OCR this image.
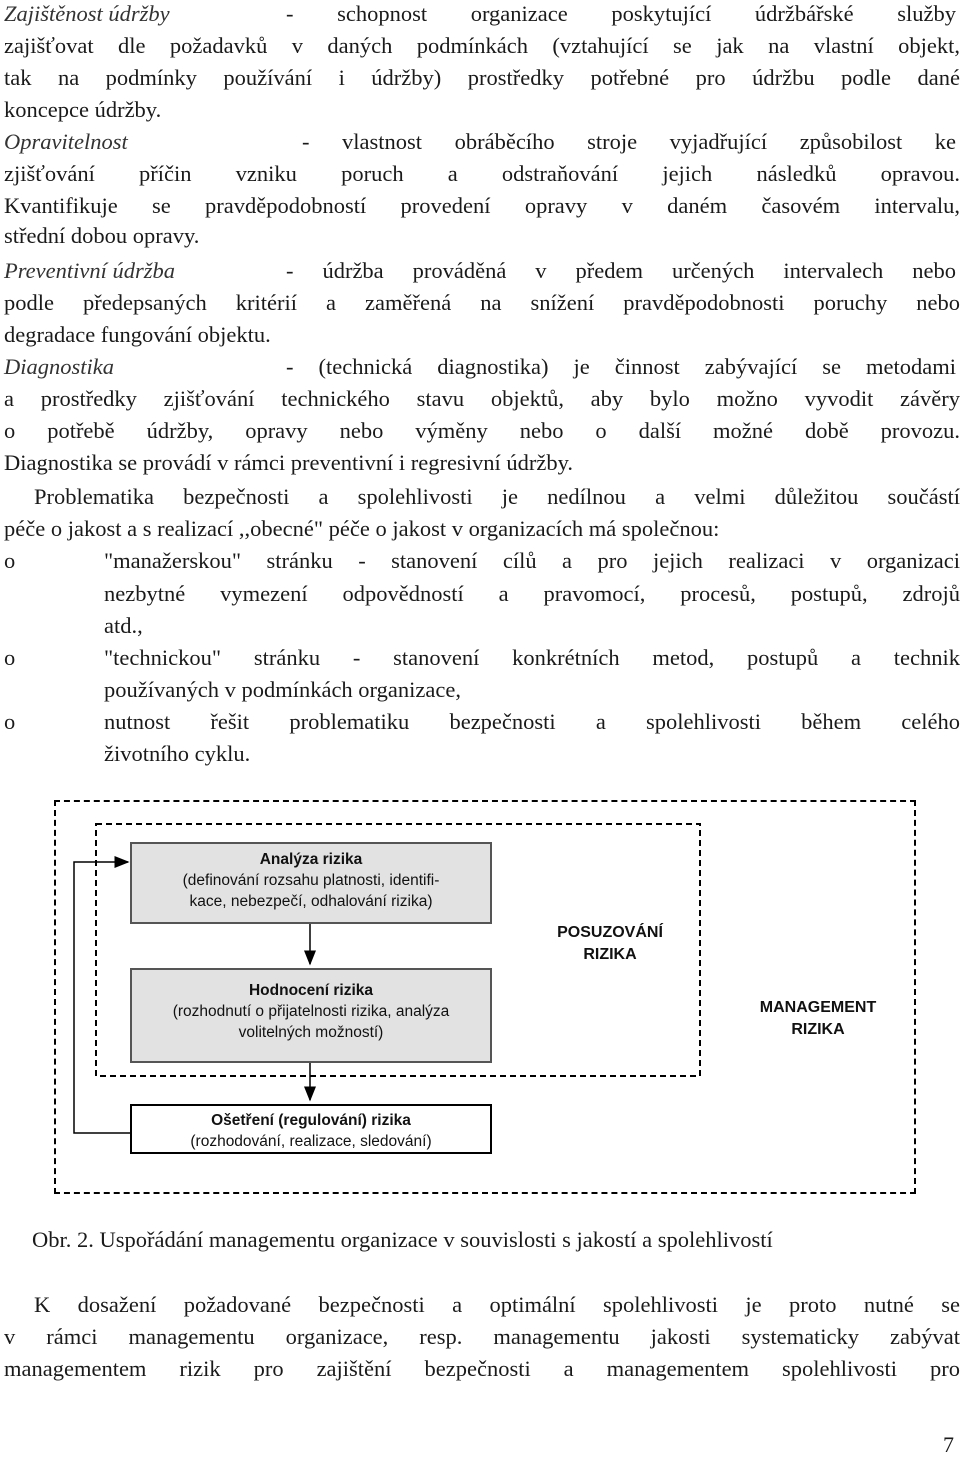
Zajištěnost údržby	- schopnost organizace poskytující údržbářské služby
zajišťovat dle požadavků v daných podmínkách (vztahující se jak na vlastní objekt,
tak na podmínky používání i údržby) prostředky potřebné pro údržbu podle dané
koncepce údržby.
Opravitelnost	- vlastnost obráběcího stroje vyjadřující způsobilost ke
zjišťování příčin vzniku poruch a odstraňování jejich následků opravou.
Kvantifikuje se pravděpodobností provedení opravy v daném časovém intervalu,
střední dobou opravy.
Preventivní údržba	- údržba prováděná v předem určených intervalech nebo
podle předepsaných kritérií a zaměřená na snížení pravděpodobnosti poruchy nebo
degradace fungování objektu.
Diagnostika	- (technická diagnostika) je činnost zabývající se metodami
a prostředky zjišťování technického stavu objektů, aby bylo možno vyvodit závěry
o potřebě údržby, opravy nebo výměny nebo o další možné době provozu.
Diagnostika se provádí v rámci preventivní i regresivní údržby.
Problematika bezpečnosti a spolehlivosti je nedílnou a velmi důležitou součástí
péče o jakost a s realizací ,,obecné" péče o jakost v organizacích má společnou:
o	"manažerskou" stránku - stanovení cílů a pro jejich realizaci v organizaci
nezbytné vymezení odpovědností a pravomocí, procesů, postupů, zdrojů
atd.,
o	"technickou" stránku - stanovení konkrétních metod, postupů a technik
používaných v podmínkách organizace,
o	nutnost řešit problematiku bezpečnosti a spolehlivosti během celého
životního cyklu.
Analýza rizika
(definování rozsahu platnosti, identifi-
kace, nebezpečí, odhalování rizika)
Hodnocení rizika
(rozhodnutí o přijatelnosti rizika, analýza
volitelných možností)
Ošetření (regulování) rizika
(rozhodování, realizace, sledování)
POSUZOVÁNÍ
RIZIKA
MANAGEMENT
RIZIKA
Obr. 2. Uspořádání managementu organizace v souvislosti s jakostí a spolehlivostí
K dosažení požadované bezpečnosti a optimální spolehlivosti je proto nutné se
v rámci managementu organizace, resp. managementu jakosti systematicky zabývat
managementem rizik pro zajištění bezpečnosti a managementem spolehlivosti pro
7
